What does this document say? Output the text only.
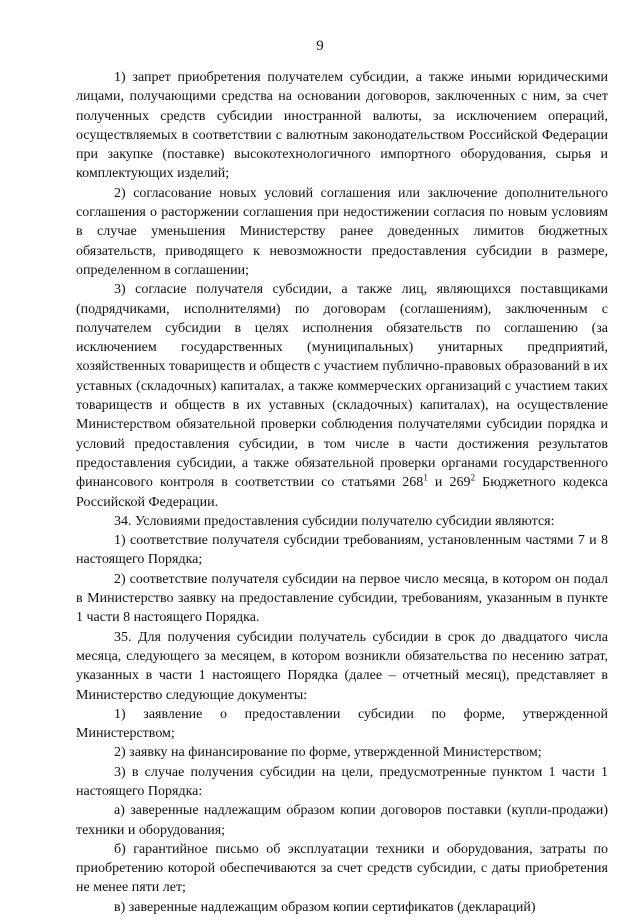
9

1) запрет приобретения получателем субсидии, а также иными юридическими лицами, получающими средства на основании договоров, заключенных с ним, за счет полученных средств субсидии иностранной валюты, за исключением операций, осуществляемых в соответствии с валютным законодательством Российской Федерации при закупке (поставке) высокотехнологичного импортного оборудования, сырья и комплектующих изделий;

2) согласование новых условий соглашения или заключение дополнительного соглашения о расторжении соглашения при недостижении согласия по новым условиям в случае уменьшения Министерству ранее доведенных лимитов бюджетных обязательств, приводящего к невозможности предоставления субсидии в размере, определенном в соглашении;

3) согласие получателя субсидии, а также лиц, являющихся поставщиками (подрядчиками, исполнителями) по договорам (соглашениям), заключенным с получателем субсидии в целях исполнения обязательств по соглашению (за исключением государственных (муниципальных) унитарных предприятий, хозяйственных товариществ и обществ с участием публично-правовых образований в их уставных (складочных) капиталах, а также коммерческих организаций с участием таких товариществ и обществ в их уставных (складочных) капиталах), на осуществление Министерством обязательной проверки соблюдения получателями субсидии порядка и условий предоставления субсидии, в том числе в части достижения результатов предоставления субсидии, а также обязательной проверки органами государственного финансового контроля в соответствии со статьями $268^1$ и $269^2$ Бюджетного кодекса Российской Федерации.

34. Условиями предоставления субсидии получателю субсидии являются:

1) соответствие получателя субсидии требованиям, установленным частями 7 и 8 настоящего Порядка;

2) соответствие получателя субсидии на первое число месяца, в котором он подал в Министерство заявку на предоставление субсидии, требованиям, указанным в пункте 1 части 8 настоящего Порядка.

35. Для получения субсидии получатель субсидии в срок до двадцатого числа месяца, следующего за месяцем, в котором возникли обязательства по несению затрат, указанных в части 1 настоящего Порядка (далее – отчетный месяц), представляет в Министерство следующие документы:

1) заявление о предоставлении субсидии по форме, утвержденной Министерством;

2) заявку на финансирование по форме, утвержденной Министерством;

3) в случае получения субсидии на цели, предусмотренные пунктом 1 части 1 настоящего Порядка:

а) заверенные надлежащим образом копии договоров поставки (купли-продажи) техники и оборудования;

б) гарантийное письмо об эксплуатации техники и оборудования, затраты по приобретению которой обеспечиваются за счет средств субсидии, с даты приобретения не менее пяти лет;

в) заверенные надлежащим образом копии сертификатов (деклараций)
